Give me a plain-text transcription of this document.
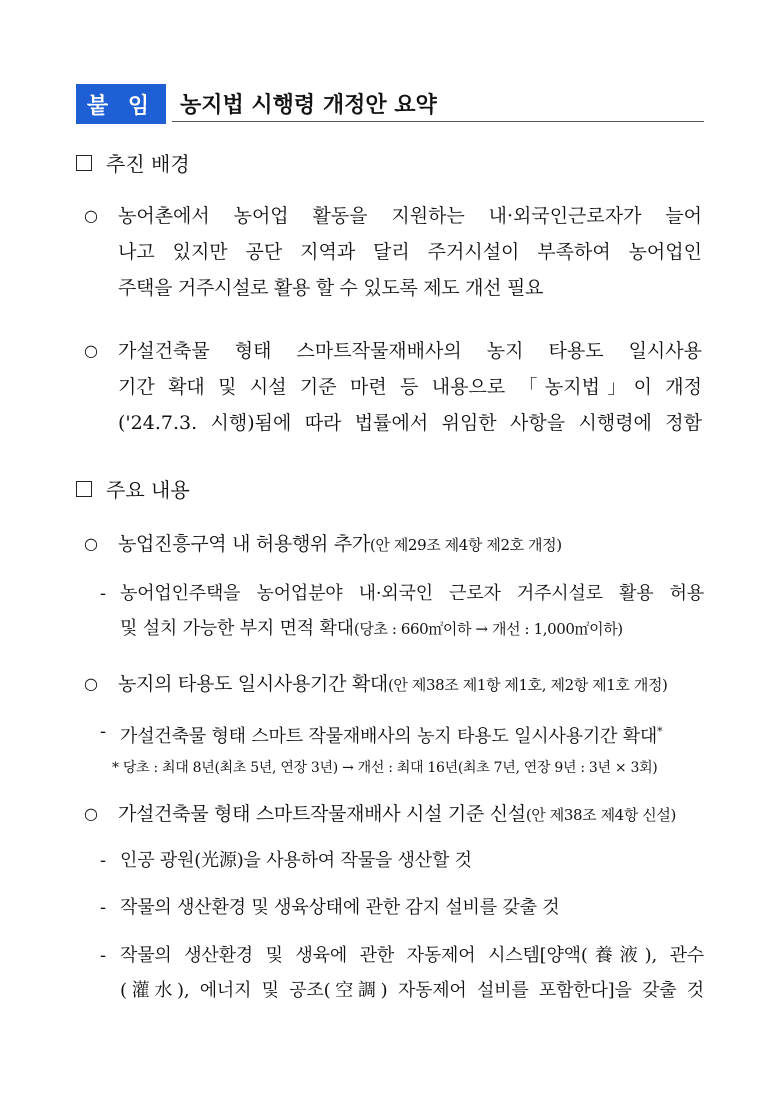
붙 임	농지법 시행령 개정안 요약
추진 배경
○ 농어촌에서 농어업 활동을 지원하는 내·외국인근로자가 늘어
나고 있지만 공단 지역과 달리 주거시설이 부족하여 농어업인
주택을 거주시설로 활용 할 수 있도록 제도 개선 필요
○ 가설건축물 형태 스마트작물재배사의 농지 타용도 일시사용
기간 확대 및 시설 기준 마련 등 내용으로 「농지법」이 개정
('24.7.3. 시행)됨에 따라 법률에서 위임한 사항을 시행령에 정함
주요 내용
○ 농업진흥구역 내 허용행위 추가(안 제29조 제4항 제2호 개정)
- 농어업인주택을 농어업분야 내·외국인 근로자 거주시설로 활용 허용
및 설치 가능한 부지 면적 확대(당초 : 660㎡이하 → 개선 : 1,000㎡이하)
○ 농지의 타용도 일시사용기간 확대(안 제38조 제1항 제1호, 제2항 제1호 개정)
- 가설건축물 형태 스마트 작물재배사의 농지 타용도 일시사용기간 확대*
* 당초 : 최대 8년(최초 5년, 연장 3년) → 개선 : 최대 16년(최초 7년, 연장 9년 : 3년 × 3회)
○ 가설건축물 형태 스마트작물재배사 시설 기준 신설(안 제38조 제4항 신설)
- 인공 광원(光源)을 사용하여 작물을 생산할 것
- 작물의 생산환경 및 생육상태에 관한 감지 설비를 갖출 것
- 작물의 생산환경 및 생육에 관한 자동제어 시스템[양액(養液), 관수
(灌水), 에너지 및 공조(空調) 자동제어 설비를 포함한다]을 갖출 것
